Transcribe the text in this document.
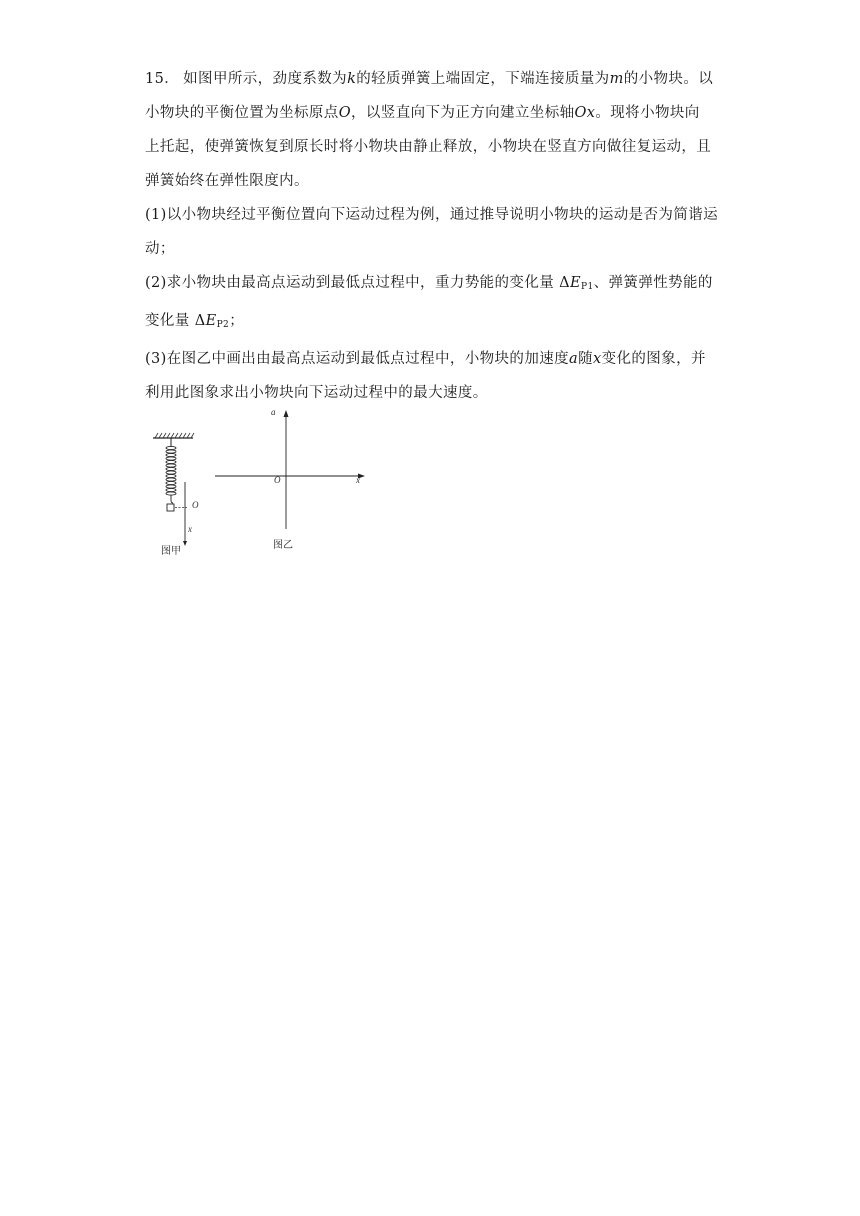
15． 如图甲所示，劲度系数为k的轻质弹簧上端固定，下端连接质量为m的小物块。以
小物块的平衡位置为坐标原点O，以竖直向下为正方向建立坐标轴Ox。现将小物块向
上托起，使弹簧恢复到原长时将小物块由静止释放，小物块在竖直方向做往复运动，且
弹簧始终在弹性限度内。
(1)以小物块经过平衡位置向下运动过程为例，通过推导说明小物块的运动是否为简谐运
动；
(2)求小物块由最高点运动到最低点过程中，重力势能的变化量 $\Delta E_{P1}$、弹簧弹性势能的
变化量 $\Delta E_{P2}$；
(3)在图乙中画出由最高点运动到最低点过程中，小物块的加速度a随x变化的图象，并
利用此图象求出小物块向下运动过程中的最大速度。
O
x
图甲
a
O	x
图乙
